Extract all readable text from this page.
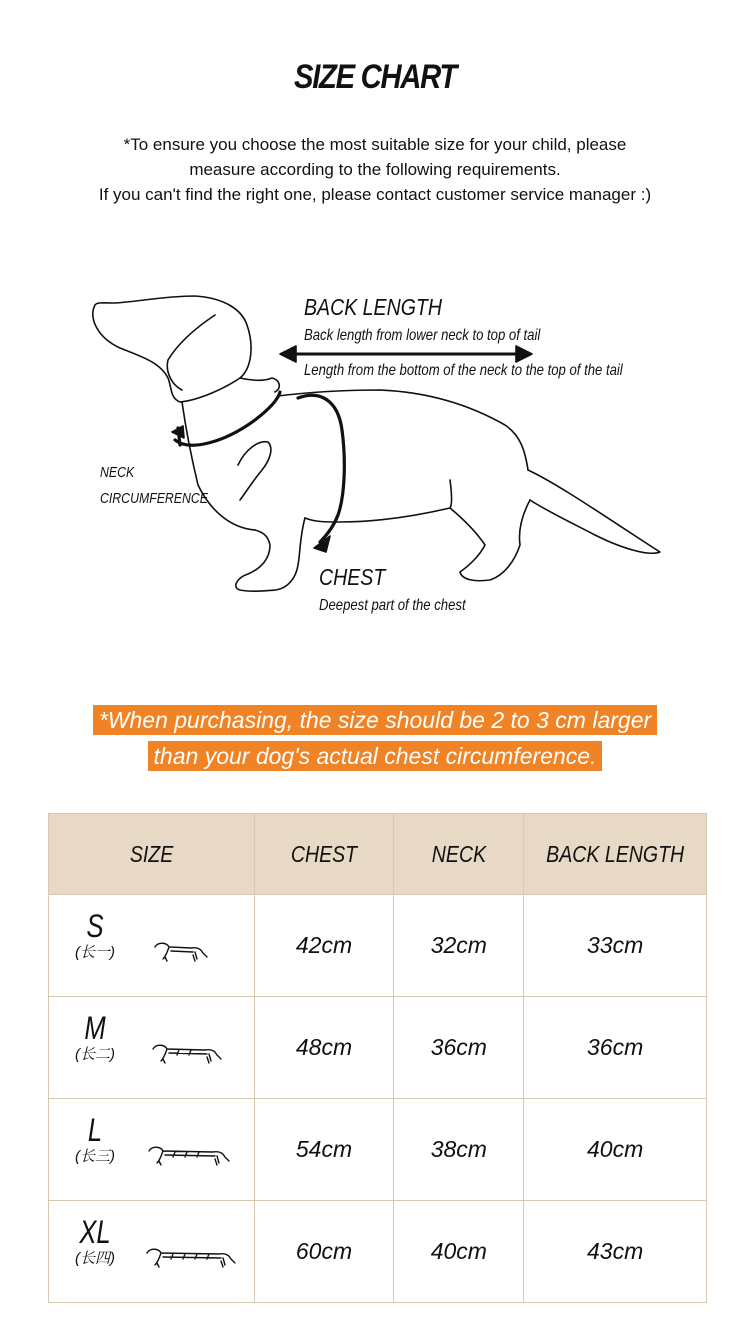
SIZE CHART
*To ensure you choose the most suitable size for your child, please
measure according to the following requirements.
If you can't find the right one, please contact customer service manager :)
BACK LENGTH
Back length from lower neck to top of tail
Length from the bottom of the neck to the top of the tail
NECK
CIRCUMFERENCE
CHEST
Deepest part of the chest
*When purchasing, the size should be 2 to 3 cm larger
than your dog's actual chest circumference.
SIZE	CHEST	NECK	BACK LENGTH

S
(长一)	42cm	32cm	33cm

M
(长二)	48cm	36cm	36cm

L
(长三)	54cm	38cm	40cm

XL
(长四)	60cm	40cm	43cm
